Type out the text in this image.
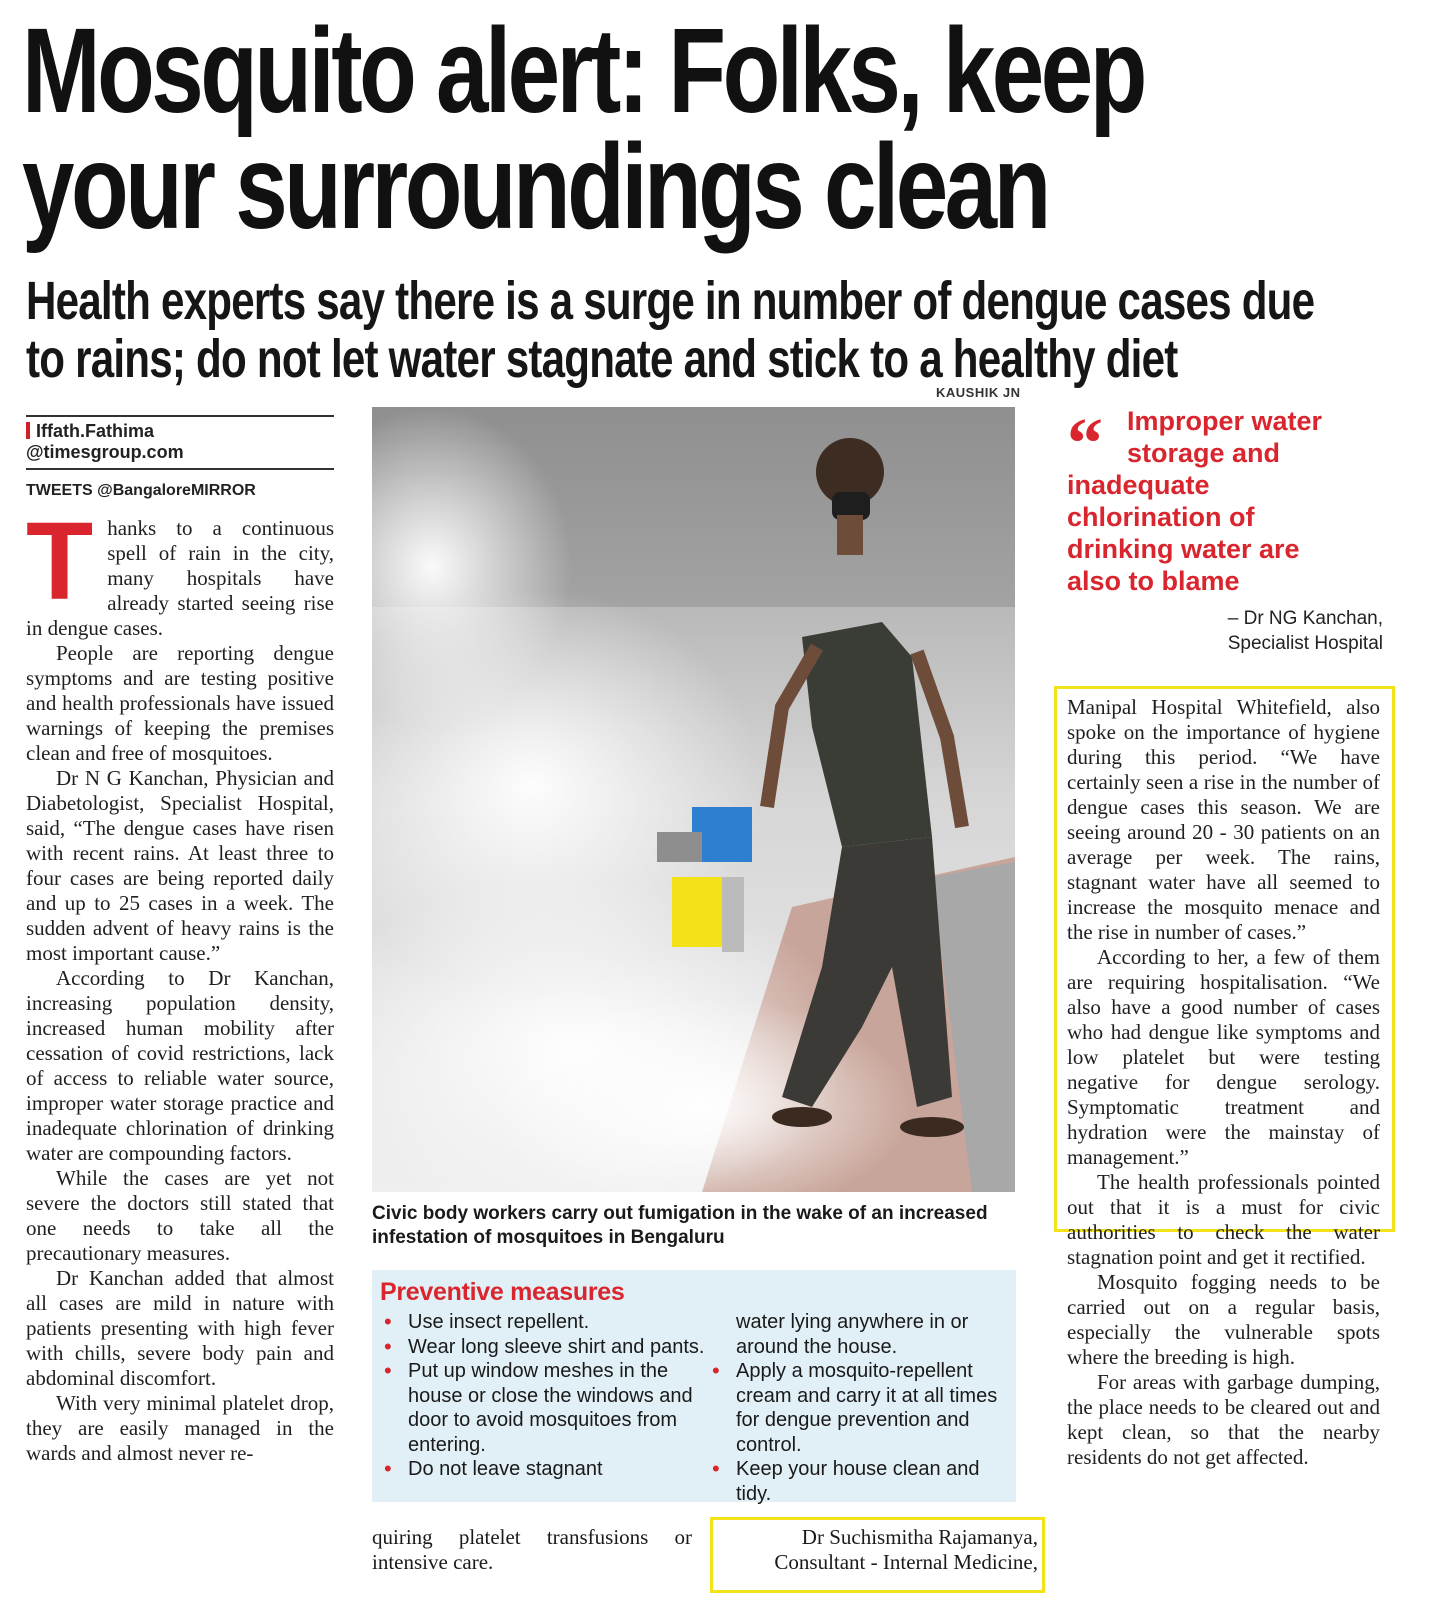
Mosquito alert: Folks, keep
your surroundings clean
Health experts say there is a surge in number of dengue cases due
to rains; do not let water stagnate and stick to a healthy diet
Iffath.Fathima
@timesgroup.com
TWEETS @BangaloreMIRROR

Thanks to a continuous spell of rain in the city, many hospitals have already started seeing rise in dengue cases.

People are reporting dengue symptoms and are testing positive and health professionals have issued warnings of keeping the premises clean and free of mosquitoes.

Dr N G Kanchan, Physician and Diabetologist, Specialist Hospital, said, “The dengue cases have risen with recent rains. At least three to four cases are being reported daily and up to 25 cases in a week. The sudden advent of heavy rains is the most important cause.”

According to Dr Kanchan, increasing population density, increased human mobility after cessation of covid restrictions, lack of access to reliable water source, improper water storage practice and inadequate chlorination of drinking water are compounding factors.

While the cases are yet not severe the doctors still stated that one needs to take all the precautionary measures.

Dr Kanchan added that almost all cases are mild in nature with patients presenting with high fever with chills, severe body pain and abdominal discomfort.

With very minimal platelet drop, they are easily managed in the wards and almost never re-

KAUSHIK JN
Civic body workers carry out fumigation in the wake of an increased infestation of mosquitoes in Bengaluru
Preventive measures
• Use insect repellent.
• Wear long sleeve shirt and pants.
• Put up window meshes in the house or close the windows and door to avoid mosquitoes from entering.
• Do not leave stagnant
water lying anywhere in or around the house.
• Apply a mosquito-repellent cream and carry it at all times for dengue prevention and control.
• Keep your house clean and tidy.
quiring platelet transfusions or intensive care.
Dr Suchismitha Rajamanya,
Consultant - Internal Medicine,
“ Improper water
storage and
inadequate
chlorination of
drinking water are
also to blame
– Dr NG Kanchan,
Specialist Hospital

Manipal Hospital Whitefield, also spoke on the importance of hygiene during this period. “We have certainly seen a rise in the number of dengue cases this season. We are seeing around 20 - 30 patients on an average per week. The rains, stagnant water have all seemed to increase the mosquito menace and the rise in number of cases.”

According to her, a few of them are requiring hospitalisation. “We also have a good number of cases who had dengue like symptoms and low platelet but were testing negative for dengue serology. Symptomatic treatment and hydration were the mainstay of management.”

The health professionals pointed out that it is a must for civic authorities to check the water stagnation point and get it rectified.

Mosquito fogging needs to be carried out on a regular basis, especially the vulnerable spots where the breeding is high.

For areas with garbage dumping, the place needs to be cleared out and kept clean, so that the nearby residents do not get affected.
